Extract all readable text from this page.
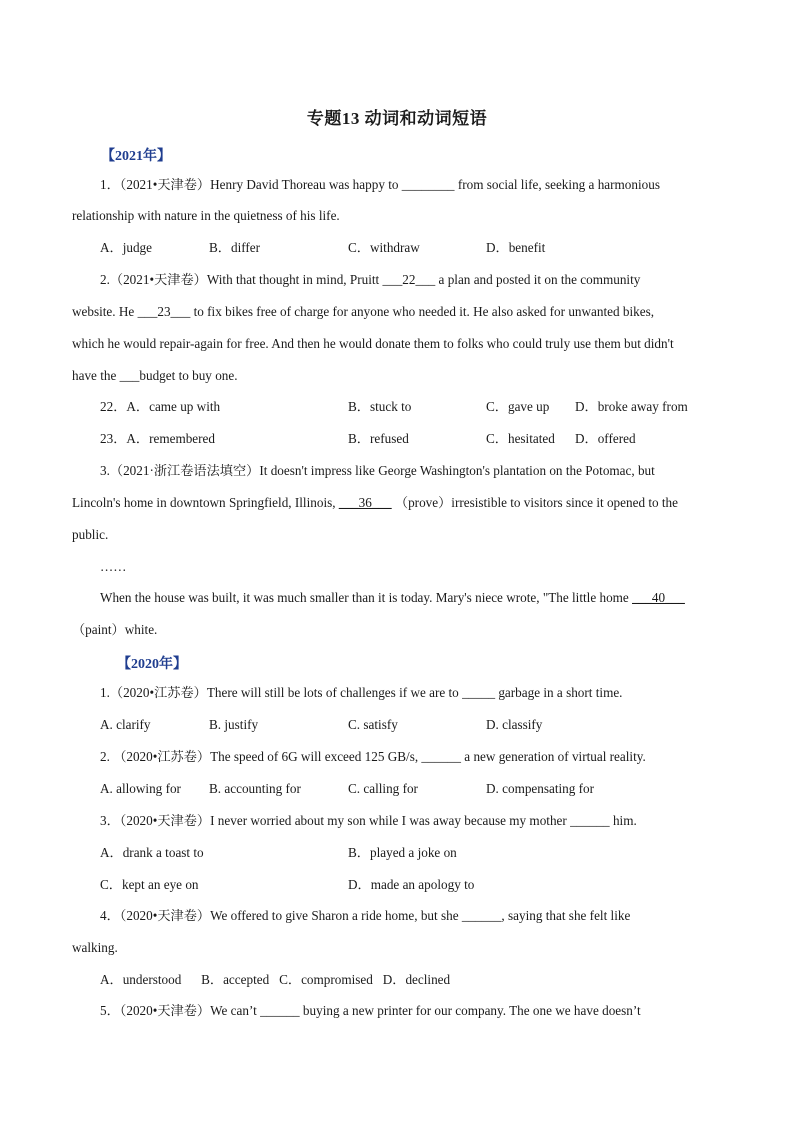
专题13 动词和动词短语
【2021年】
1．（2021•天津卷）Henry David Thoreau was happy to ________ from social life, seeking a harmonious
relationship with nature in the quietness of his life.
A．judge	B．differ	C．withdraw	D．benefit
2.（2021•天津卷）With that thought in mind, Pruitt ___22___ a plan and posted it on the community
website. He ___23___ to fix bikes free of charge for anyone who needed it. He also asked for unwanted bikes,
which he would repair-again for free. And then he would donate them to folks who could truly use them but didn't
have the ___budget to buy one.
22．A．came up with	B．stuck to	C．gave up D．broke away from
23．A．remembered	B．refused	C．hesitated D．offered
3.（2021·浙江卷语法填空）It doesn't impress like George Washington's plantation on the Potomac, but
Lincoln's home in downtown Springfield, Illinois, ___36___ （prove）irresistible to visitors since it opened to the
public.
……
When the house was built, it was much smaller than it is today. Mary's niece wrote, "The little home ___40___
（paint）white.
【2020年】
1.（2020•江苏卷）There will still be lots of challenges if we are to _____ garbage in a short time.
A. clarify	B. justify	C. satisfy	D. classify
2. （2020•江苏卷）The speed of 6G will exceed 125 GB/s, ______ a new generation of virtual reality.
A. allowing for B. accounting for	C. calling for	D. compensating for
3．（2020•天津卷）I never worried about my son while I was away because my mother ______ him.
A．drank a toast to	B．played a joke on
C．kept an eye on	D．made an apology to
4．（2020•天津卷）We offered to give Sharon a ride home, but she ______, saying that she felt like
walking.
A．understood      B．accepted   C．compromised   D．declined
5．（2020•天津卷）We can’t ______ buying a new printer for our company. The one we have doesn’t
